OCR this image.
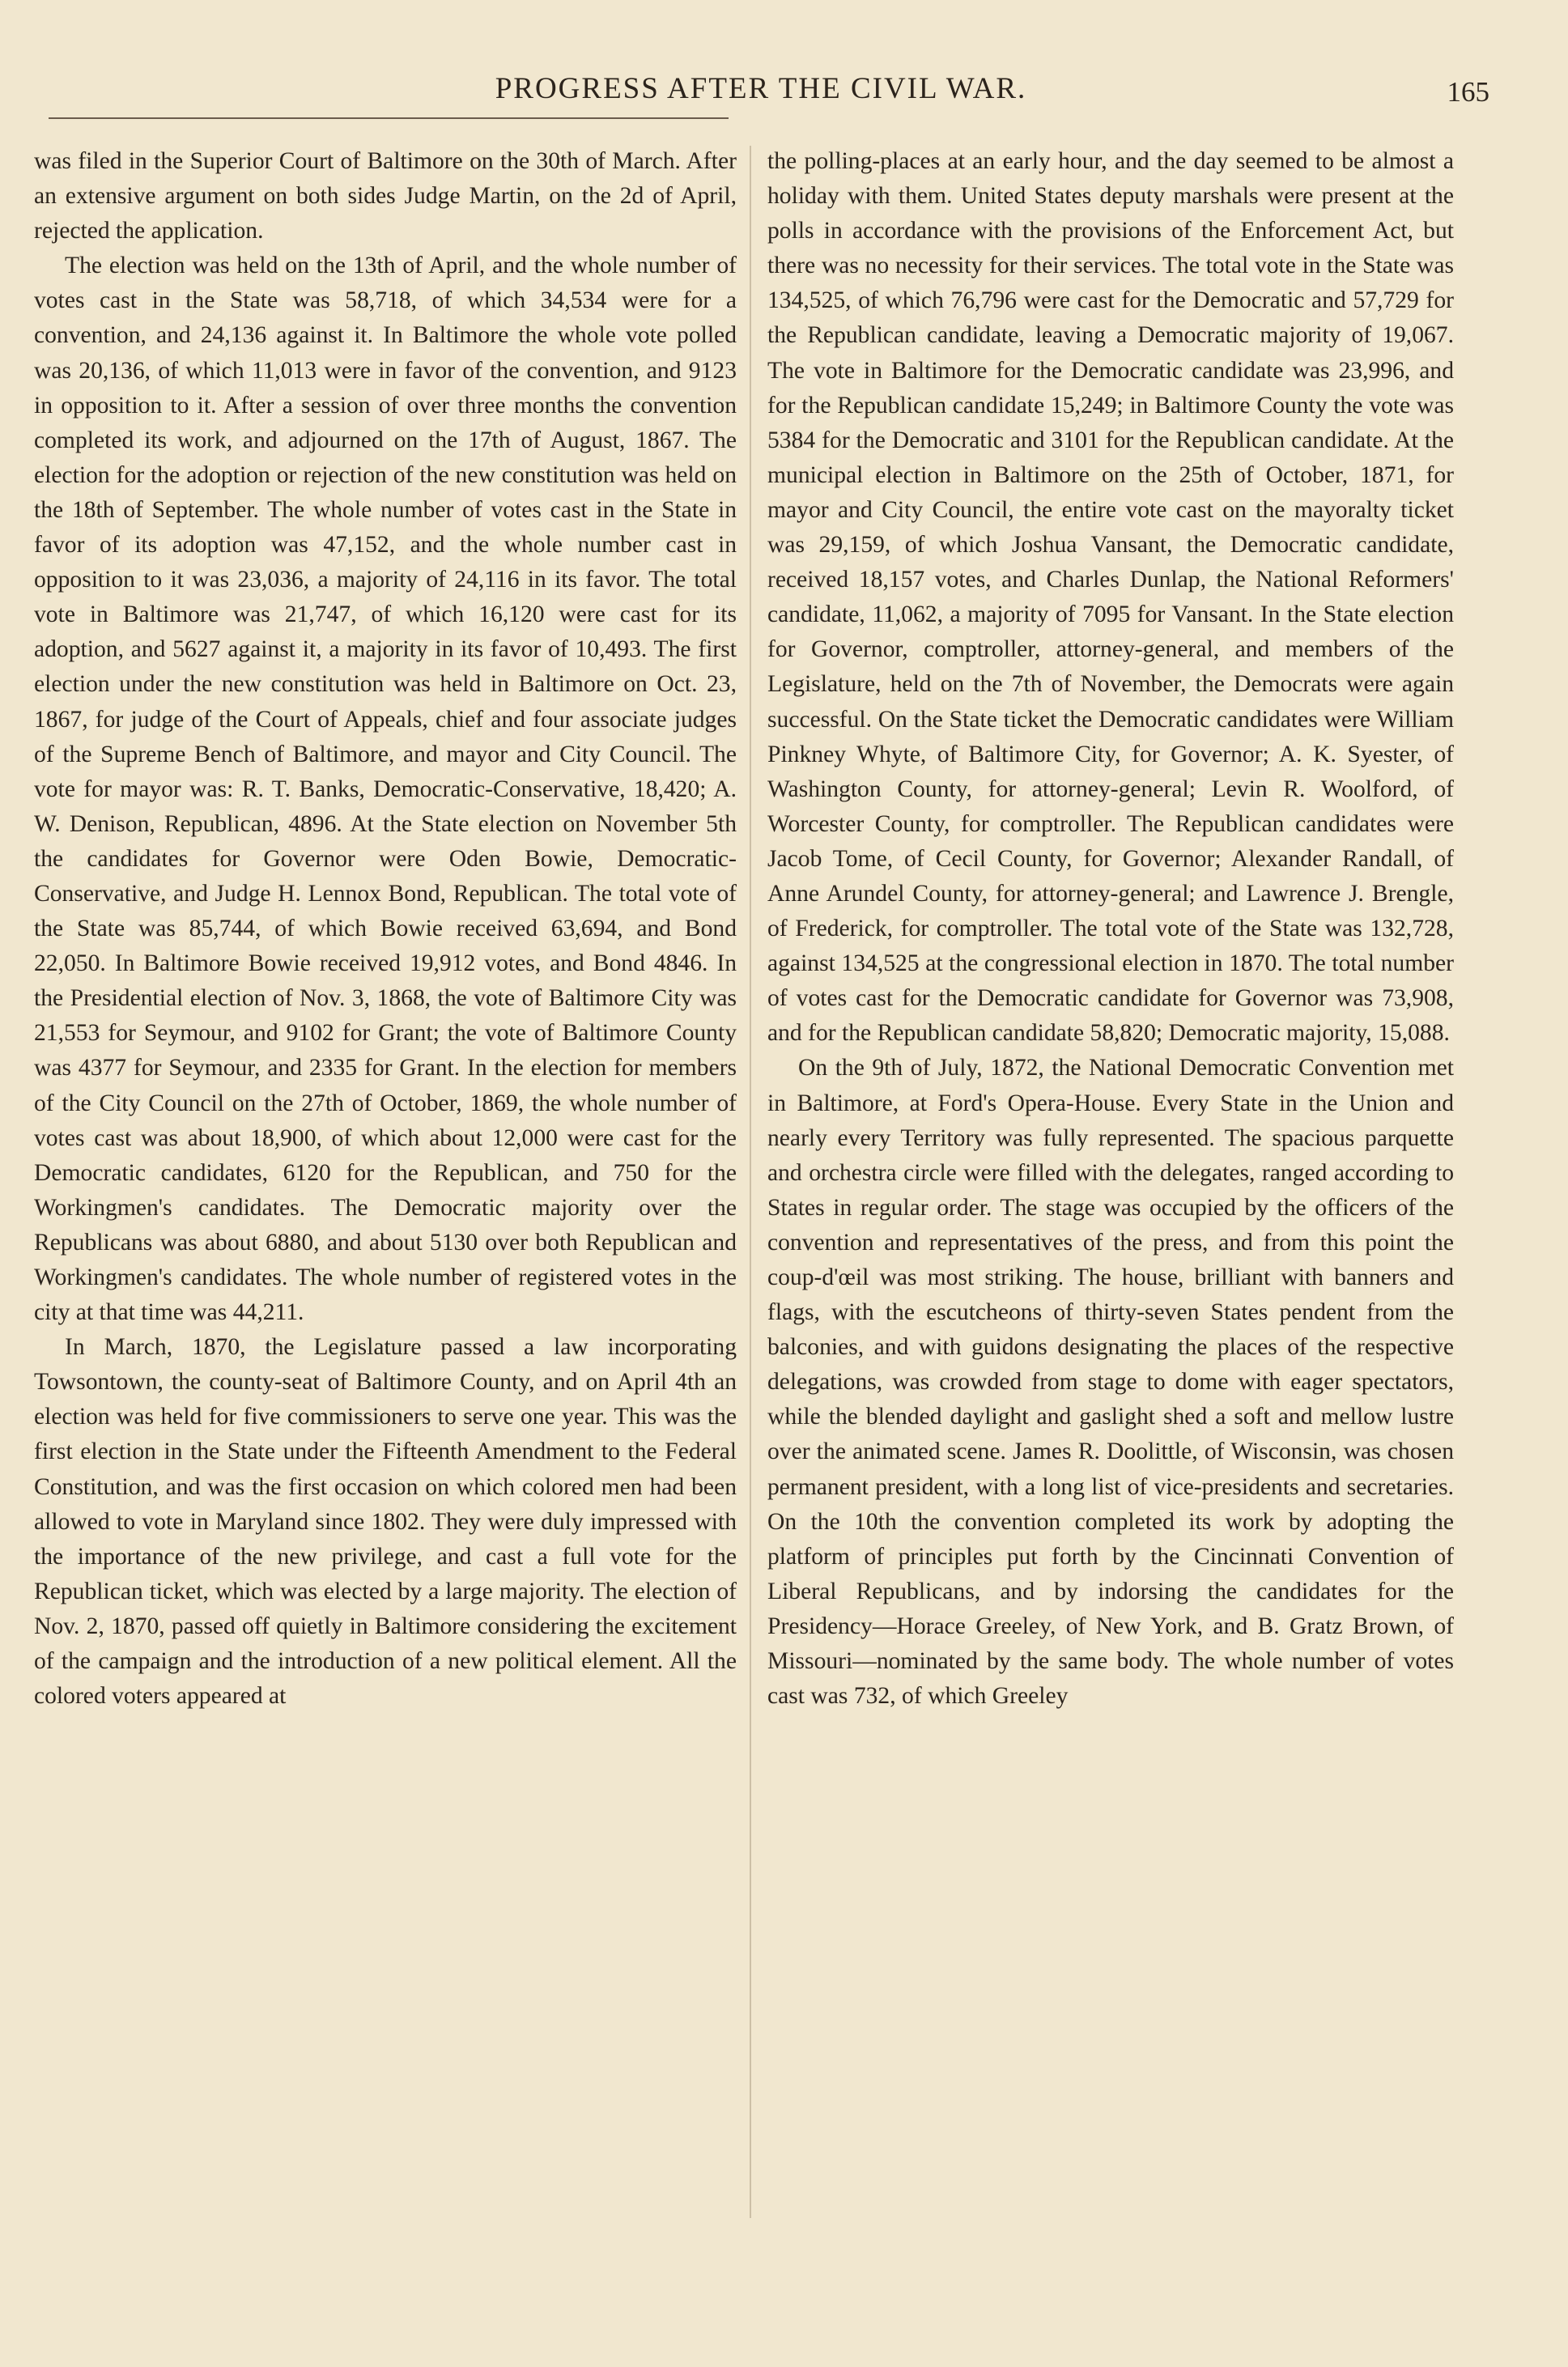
PROGRESS AFTER THE CIVIL WAR.	165

was filed in the Superior Court of Baltimore on the 30th of March. After an extensive argument on both sides Judge Martin, on the 2d of April, rejected the application.

The election was held on the 13th of April, and the whole number of votes cast in the State was 58,718, of which 34,534 were for a convention, and 24,136 against it. In Baltimore the whole vote polled was 20,136, of which 11,013 were in favor of the convention, and 9123 in opposition to it. After a session of over three months the convention completed its work, and adjourned on the 17th of August, 1867. The election for the adoption or rejection of the new constitution was held on the 18th of September. The whole number of votes cast in the State in favor of its adoption was 47,152, and the whole number cast in opposition to it was 23,036, a majority of 24,116 in its favor. The total vote in Baltimore was 21,747, of which 16,120 were cast for its adoption, and 5627 against it, a majority in its favor of 10,493. The first election under the new constitution was held in Baltimore on Oct. 23, 1867, for judge of the Court of Appeals, chief and four associate judges of the Supreme Bench of Baltimore, and mayor and City Council. The vote for mayor was: R. T. Banks, Democratic-Conservative, 18,420; A. W. Denison, Republican, 4896. At the State election on November 5th the candidates for Governor were Oden Bowie, Democratic-Conservative, and Judge H. Lennox Bond, Republican. The total vote of the State was 85,744, of which Bowie received 63,694, and Bond 22,050. In Baltimore Bowie received 19,912 votes, and Bond 4846. In the Presidential election of Nov. 3, 1868, the vote of Baltimore City was 21,553 for Seymour, and 9102 for Grant; the vote of Baltimore County was 4377 for Seymour, and 2335 for Grant. In the election for members of the City Council on the 27th of October, 1869, the whole number of votes cast was about 18,900, of which about 12,000 were cast for the Democratic candidates, 6120 for the Republican, and 750 for the Workingmen's candidates. The Democratic majority over the Republicans was about 6880, and about 5130 over both Republican and Workingmen's candidates. The whole number of registered votes in the city at that time was 44,211.

In March, 1870, the Legislature passed a law incorporating Towsontown, the county-seat of Baltimore County, and on April 4th an election was held for five commissioners to serve one year. This was the first election in the State under the Fifteenth Amendment to the Federal Constitution, and was the first occasion on which colored men had been allowed to vote in Maryland since 1802. They were duly impressed with the importance of the new privilege, and cast a full vote for the Republican ticket, which was elected by a large majority. The election of Nov. 2, 1870, passed off quietly in Baltimore considering the excitement of the campaign and the introduction of a new political element. All the colored voters appeared at

the polling-places at an early hour, and the day seemed to be almost a holiday with them. United States deputy marshals were present at the polls in accordance with the provisions of the Enforcement Act, but there was no necessity for their services. The total vote in the State was 134,525, of which 76,796 were cast for the Democratic and 57,729 for the Republican candidate, leaving a Democratic majority of 19,067. The vote in Baltimore for the Democratic candidate was 23,996, and for the Republican candidate 15,249; in Baltimore County the vote was 5384 for the Democratic and 3101 for the Republican candidate. At the municipal election in Baltimore on the 25th of October, 1871, for mayor and City Council, the entire vote cast on the mayoralty ticket was 29,159, of which Joshua Vansant, the Democratic candidate, received 18,157 votes, and Charles Dunlap, the National Reformers' candidate, 11,062, a majority of 7095 for Vansant. In the State election for Governor, comptroller, attorney-general, and members of the Legislature, held on the 7th of November, the Democrats were again successful. On the State ticket the Democratic candidates were William Pinkney Whyte, of Baltimore City, for Governor; A. K. Syester, of Washington County, for attorney-general; Levin R. Woolford, of Worcester County, for comptroller. The Republican candidates were Jacob Tome, of Cecil County, for Governor; Alexander Randall, of Anne Arundel County, for attorney-general; and Lawrence J. Brengle, of Frederick, for comptroller. The total vote of the State was 132,728, against 134,525 at the congressional election in 1870. The total number of votes cast for the Democratic candidate for Governor was 73,908, and for the Republican candidate 58,820; Democratic majority, 15,088.

On the 9th of July, 1872, the National Democratic Convention met in Baltimore, at Ford's Opera-House. Every State in the Union and nearly every Territory was fully represented. The spacious parquette and orchestra circle were filled with the delegates, ranged according to States in regular order. The stage was occupied by the officers of the convention and representatives of the press, and from this point the coup-d'œil was most striking. The house, brilliant with banners and flags, with the escutcheons of thirty-seven States pendent from the balconies, and with guidons designating the places of the respective delegations, was crowded from stage to dome with eager spectators, while the blended daylight and gaslight shed a soft and mellow lustre over the animated scene. James R. Doolittle, of Wisconsin, was chosen permanent president, with a long list of vice-presidents and secretaries. On the 10th the convention completed its work by adopting the platform of principles put forth by the Cincinnati Convention of Liberal Republicans, and by indorsing the candidates for the Presidency—Horace Greeley, of New York, and B. Gratz Brown, of Missouri—nominated by the same body. The whole number of votes cast was 732, of which Greeley
